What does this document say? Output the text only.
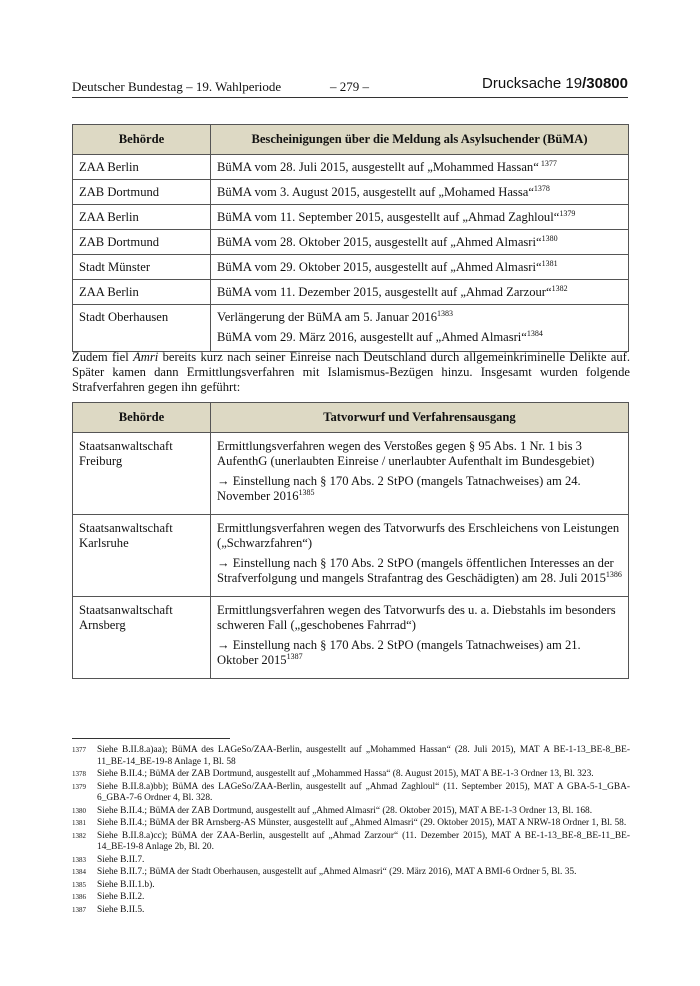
Deutscher Bundestag – 19. Wahlperiode	– 279 –	Drucksache 19/30800
Behörde	Bescheinigungen über die Meldung als Asylsuchender (BüMA)
ZAA Berlin	BüMA vom 28. Juli 2015, ausgestellt auf „Mohammed Hassan“ $^{1377}$
ZAB Dortmund	BüMA vom 3. August 2015, ausgestellt auf „Mohamed Hassa“$^{1378}$
ZAA Berlin	BüMA vom 11. September 2015, ausgestellt auf „Ahmad Zaghloul“$^{1379}$
ZAB Dortmund	BüMA vom 28. Oktober 2015, ausgestellt auf „Ahmed Almasri“$^{1380}$
Stadt Münster	BüMA vom 29. Oktober 2015, ausgestellt auf „Ahmed Almasri“$^{1381}$
ZAA Berlin	BüMA vom 11. Dezember 2015, ausgestellt auf „Ahmad Zarzour“$^{1382}$
Stadt Oberhausen	Verlängerung der BüMA am 5. Januar $2016^{1383}$

BüMA vom 29. März 2016, ausgestellt auf „Ahmed Almasri“$^{1384}$

Zudem fiel Amri bereits kurz nach seiner Einreise nach Deutschland durch allgemeinkriminelle Delikte auf. Später kamen dann Ermittlungsverfahren mit Islamismus-Bezügen hinzu. Insgesamt wurden folgende Strafverfahren gegen ihn geführt:
Behörde	Tatvorwurf und Verfahrensausgang
Staatsanwaltschaft Freiburg	Ermittlungsverfahren wegen des Verstoßes gegen § 95 Abs. 1 Nr. 1 bis 3 AufenthG (unerlaubten Einreise / unerlaubter Aufenthalt im Bundesgebiet)

→ Einstellung nach § 170 Abs. 2 StPO (mangels Tatnachweises) am 24. November $2016^{1385}$

Staatsanwaltschaft Karlsruhe	Ermittlungsverfahren wegen des Tatvorwurfs des Erschleichens von Leistungen („Schwarzfahren“)

→ Einstellung nach § 170 Abs. 2 StPO (mangels öffentlichen Interesses an der Strafverfolgung und mangels Strafantrag des Geschädigten) am 28. Juli $2015^{1386}$

Staatsanwaltschaft Arnsberg	Ermittlungsverfahren wegen des Tatvorwurfs des u. a. Diebstahls im besonders schweren Fall („geschobenes Fahrrad“)

→ Einstellung nach § 170 Abs. 2 StPO (mangels Tatnachweises) am 21. Oktober $2015^{1387}$

1377	Siehe B.II.8.a)aa); BüMA des LAGeSo/ZAA-Berlin, ausgestellt auf „Mohammed Hassan“ (28. Juli 2015), MAT A BE-1-13_BE-8_BE-11_BE-14_BE-19-8 Anlage 1, Bl. 58
1378	Siehe B.II.4.; BüMA der ZAB Dortmund, ausgestellt auf „Mohammed Hassa“ (8. August 2015), MAT A BE-1-3 Ordner 13, Bl. 323.
1379	Siehe B.II.8.a)bb); BüMA des LAGeSo/ZAA-Berlin, ausgestellt auf „Ahmad Zaghloul“ (11. September 2015), MAT A GBA-5-1_GBA-6_GBA-7-6 Ordner 4, Bl. 328.
1380	Siehe B.II.4.; BüMA der ZAB Dortmund, ausgestellt auf „Ahmed Almasri“ (28. Oktober 2015), MAT A BE-1-3 Ordner 13, Bl. 168.
1381	Siehe B.II.4.; BüMA der BR Arnsberg-AS Münster, ausgestellt auf „Ahmed Almasri“ (29. Oktober 2015), MAT A NRW-18 Ordner 1, Bl. 58.
1382	Siehe B.II.8.a)cc); BüMA der ZAA-Berlin, ausgestellt auf „Ahmad Zarzour“ (11. Dezember 2015), MAT A BE-1-13_BE-8_BE-11_BE-14_BE-19-8 Anlage 2b, Bl. 20.
1383	Siehe B.II.7.
1384	Siehe B.II.7.; BüMA der Stadt Oberhausen, ausgestellt auf „Ahmed Almasri“ (29. März 2016), MAT A BMI-6 Ordner 5, Bl. 35.
1385	Siehe B.II.1.b).
1386	Siehe B.II.2.
1387	Siehe B.II.5.
